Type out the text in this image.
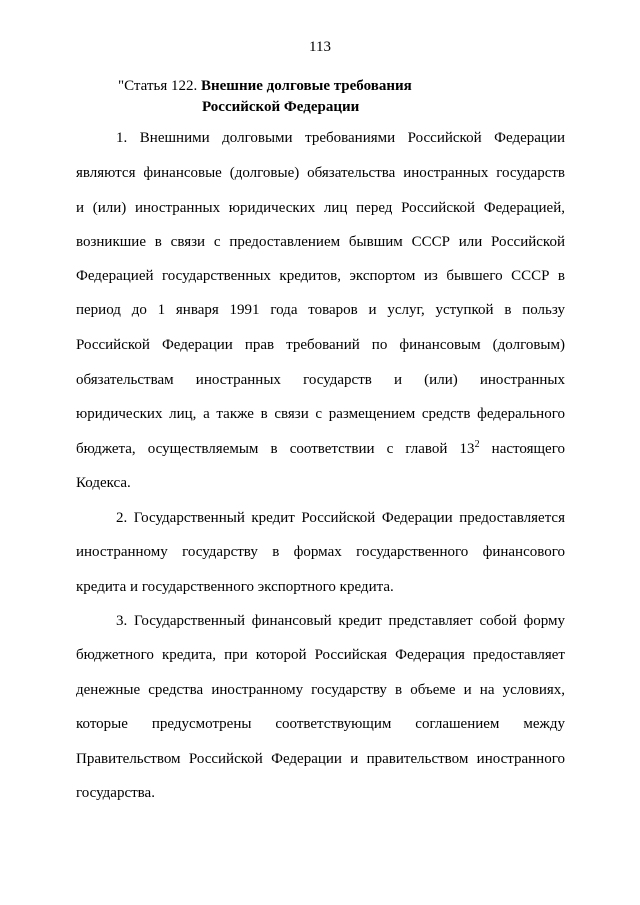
113
"Статья 122. Внешние долговые требования
Российской Федерации
1. Внешними долговыми требованиями Российской Федерации
являются финансовые (долговые) обязательства иностранных государств
и (или) иностранных юридических лиц перед Российской Федерацией,
возникшие в связи с предоставлением бывшим СССР или Российской
Федерацией государственных кредитов, экспортом из бывшего СССР в
период до 1 января 1991 года товаров и услуг, уступкой в пользу
Российской Федерации прав требований по финансовым (долговым)
обязательствам иностранных государств и (или) иностранных
юридических лиц, а также в связи с размещением средств федерального
бюджета, осуществляемым в соответствии с главой $13^2$ настоящего
Кодекса.
2. Государственный кредит Российской Федерации предоставляется
иностранному государству в формах государственного финансового
кредита и государственного экспортного кредита.
3. Государственный финансовый кредит представляет собой форму
бюджетного кредита, при которой Российская Федерация предоставляет
денежные средства иностранному государству в объеме и на условиях,
которые предусмотрены соответствующим соглашением между
Правительством Российской Федерации и правительством иностранного
государства.
